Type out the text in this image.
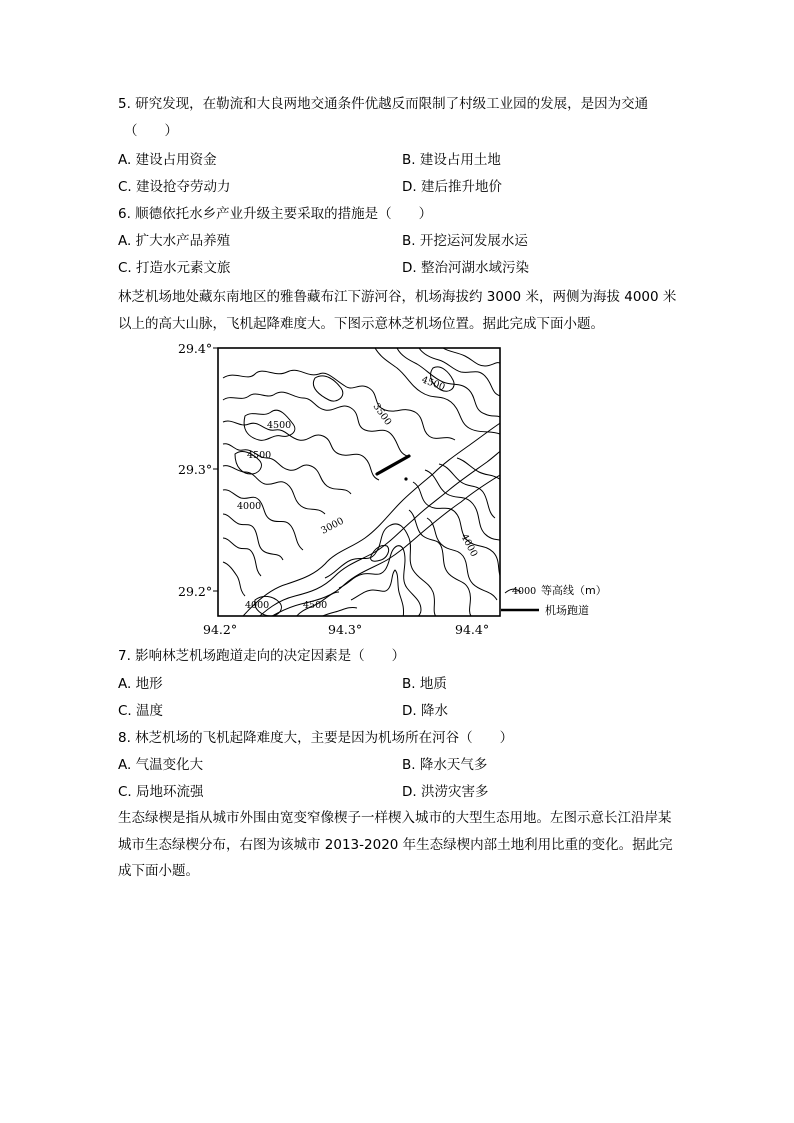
5. 研究发现，在勒流和大良两地交通条件优越反而限制了村级工业园的发展，是因为交通
（　　）
A. 建设占用资金	B. 建设占用土地
C. 建设抢夺劳动力	D. 建后推升地价
6. 顺德依托水乡产业升级主要采取的措施是（　　）
A. 扩大水产品养殖	B. 开挖运河发展水运
C. 打造水元素文旅	D. 整治河湖水域污染
林芝机场地处藏东南地区的雅鲁藏布江下游河谷，机场海拔约 3000 米，两侧为海拔 4000 米以上的高大山脉，飞机起降难度大。下图示意林芝机场位置。据此完成下面小题。
4500
3500
4500
4500
4000
3000
4000
4000	4500
29.4°
29.3°
29.2°
94.2°	94.3°	94.4°
4000 等高线（m）
机场跑道
7. 影响林芝机场跑道走向的决定因素是（　　）
A. 地形	B. 地质
C. 温度	D. 降水
8. 林芝机场的飞机起降难度大，主要是因为机场所在河谷（　　）
A. 气温变化大	B. 降水天气多
C. 局地环流强	D. 洪涝灾害多
生态绿楔是指从城市外围由宽变窄像楔子一样楔入城市的大型生态用地。左图示意长江沿岸某城市生态绿楔分布，右图为该城市 2013-2020 年生态绿楔内部土地利用比重的变化。据此完成下面小题。
